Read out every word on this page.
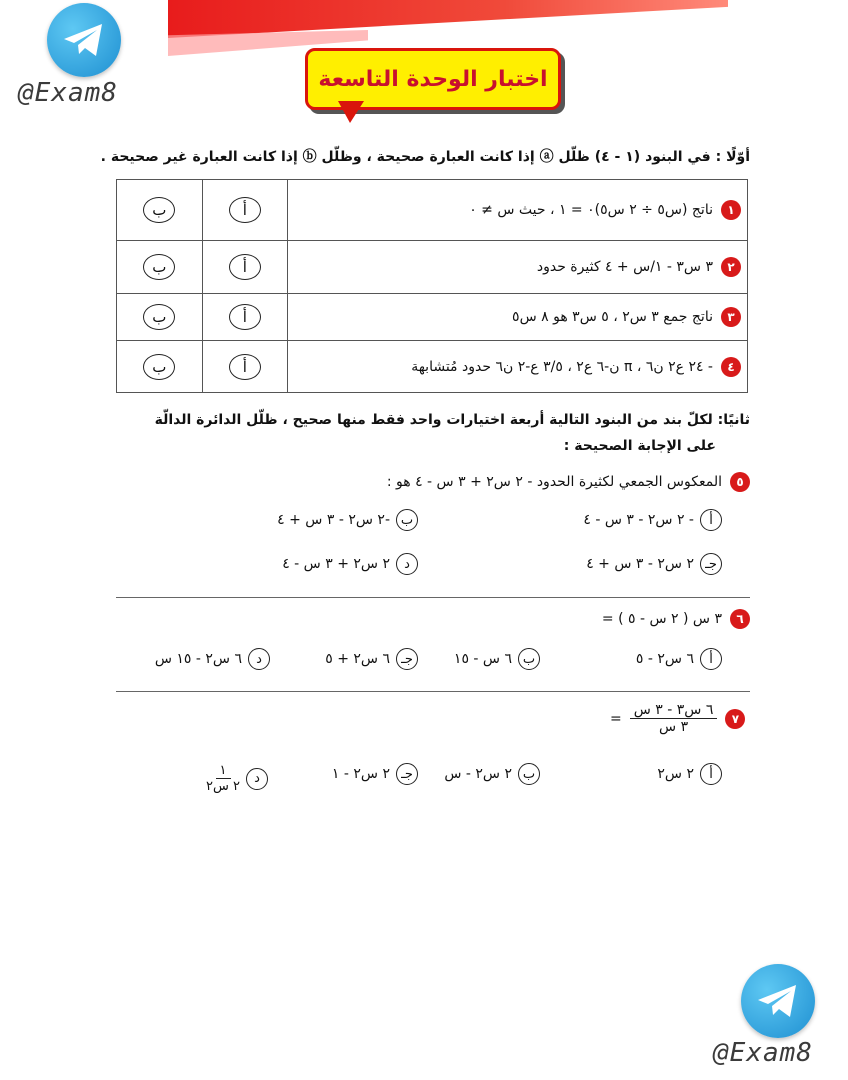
@Exam8
@Exam8
اختبار الوحدة التاسعة
أوّلًا : في البنود (١ - ٤) ظلّل ⓐ إذا كانت العبارة صحيحة ، وظلّل ⓑ إذا كانت العبارة غير صحيحة .
١
ناتج (س٥ ÷ ٢ س٥)٠ = ١ ، حيث س ≠ ٠	أ	ب

٢
٣ س٣ - ١/س + ٤ كثيرة حدود	أ	ب

٣
ناتج جمع ٣ س٢ ، ٥ س٣ هو ٨ س٥	أ	ب

٤
- ٢٤ ع٢ ن٦ ، π ن-٦ ع٢ ، ٣/٥ ع-٢ ن٦ حدود مُتشابهة	أ	ب
ثانيًا: لكلّ بند من البنود التالية أربعة اختيارات واحد فقط منها صحيح ، ظلّل الدائرة الدالّة
على الإجابة الصحيحة :
٥
المعكوس الجمعي لكثيرة الحدود - ٢ س٢ + ٣ س - ٤ هو :
أ
- ٢ س٢ - ٣ س - ٤
ب
-٢ س٢ - ٣ س + ٤
جـ
٢ س٢ - ٣ س + ٤
د
٢ س٢ + ٣ س - ٤
٦
٣ س ( ٢ س - ٥ ) =
أ
٦ س٢ - ٥
ب
٦ س - ١٥
جـ
٦ س٢ + ٥
د
٦ س٢ - ١٥ س
٧
٦ س٣ - ٣ س
٣ س
=
أ
٢ س٢
ب
٢ س٢ - س
جـ
٢ س٢ - ١
د
١
٢ س٢
